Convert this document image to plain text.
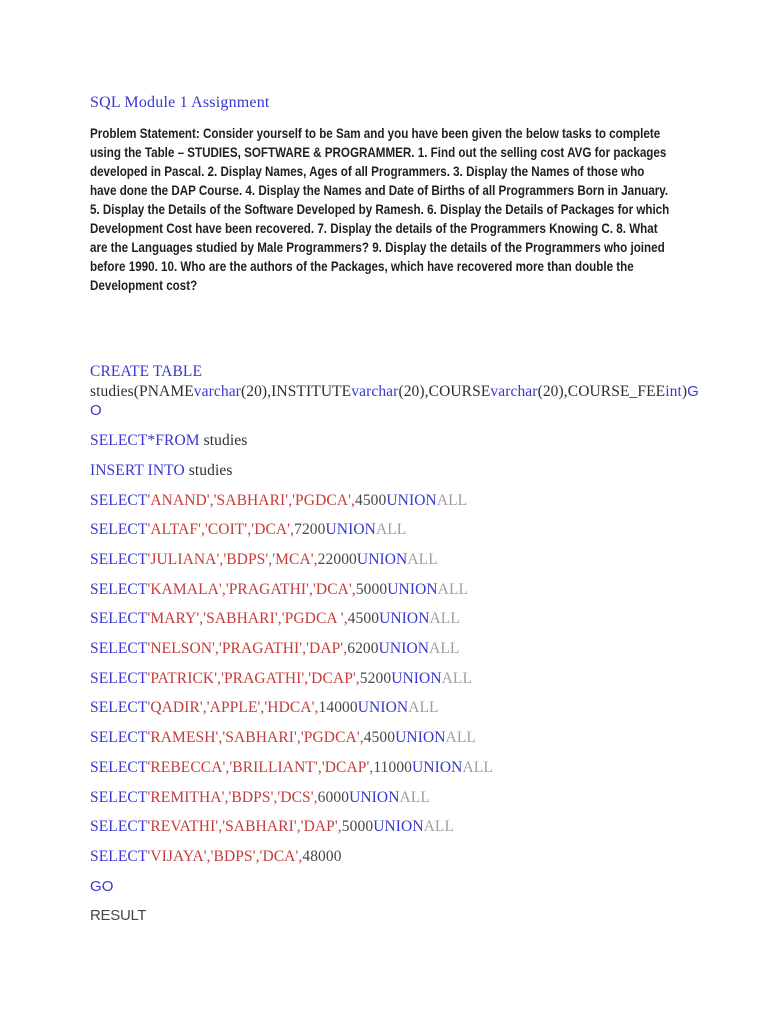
SQL Module 1 Assignment
Problem Statement: Consider yourself to be Sam and you have been given the below tasks to complete
using the Table – STUDIES, SOFTWARE & PROGRAMMER. 1. Find out the selling cost AVG for packages
developed in Pascal. 2. Display Names, Ages of all Programmers. 3. Display the Names of those who
have done the DAP Course. 4. Display the Names and Date of Births of all Programmers Born in January.
5. Display the Details of the Software Developed by Ramesh. 6. Display the Details of Packages for which
Development Cost have been recovered. 7. Display the details of the Programmers Knowing C. 8. What
are the Languages studied by Male Programmers? 9. Display the details of the Programmers who joined
before 1990. 10. Who are the authors of the Packages, which have recovered more than double the
Development cost?
CREATE TABLE
studies(PNAMEvarchar(20),INSTITUTEvarchar(20),COURSEvarchar(20),COURSE_FEEint)G
O
SELECT*FROM studies
INSERT INTO studies
SELECT'ANAND','SABHARI','PGDCA',4500UNIONALL
SELECT'ALTAF','COIT','DCA',7200UNIONALL
SELECT'JULIANA','BDPS','MCA',22000UNIONALL
SELECT'KAMALA','PRAGATHI','DCA',5000UNIONALL
SELECT'MARY','SABHARI','PGDCA ',4500UNIONALL
SELECT'NELSON','PRAGATHI','DAP',6200UNIONALL
SELECT'PATRICK','PRAGATHI','DCAP',5200UNIONALL
SELECT'QADIR','APPLE','HDCA',14000UNIONALL
SELECT'RAMESH','SABHARI','PGDCA',4500UNIONALL
SELECT'REBECCA','BRILLIANT','DCAP',11000UNIONALL
SELECT'REMITHA','BDPS','DCS',6000UNIONALL
SELECT'REVATHI','SABHARI','DAP',5000UNIONALL
SELECT'VIJAYA','BDPS','DCA',48000
GO
RESULT
